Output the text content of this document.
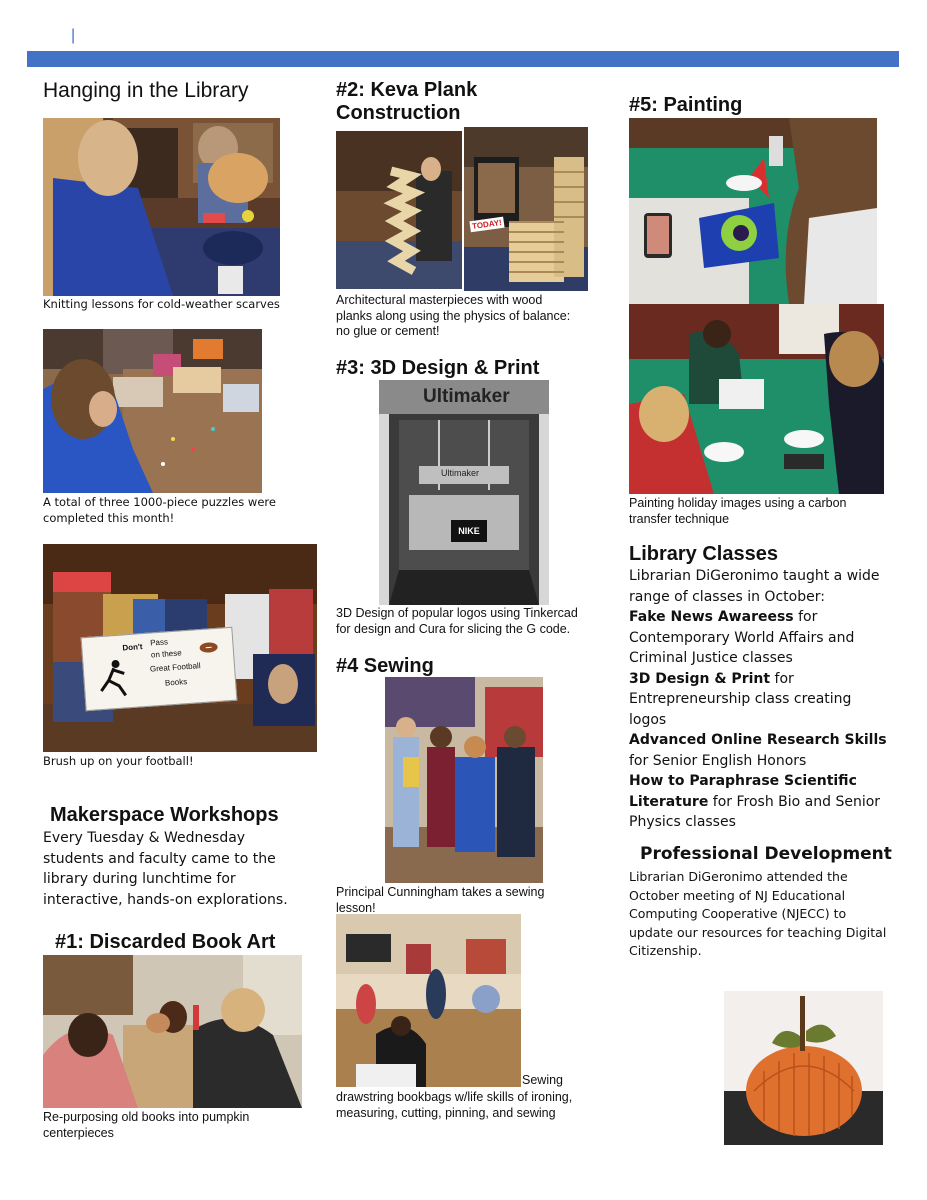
|
Hanging in the Library
Knitting lessons for cold-weather scarves
A total of three 1000-piece puzzles were completed this month!
Don't Pass
on these
Great Football
Books
Brush up on your football!
Makerspace Workshops
Every Tuesday & Wednesday students and faculty came to the library during lunchtime for interactive, hands-on explorations.
#1: Discarded Book Art
Re-purposing old books into pumpkin centerpieces
#2: Keva Plank Construction
TODAY!
Architectural masterpieces with wood planks along using the physics of balance: no glue or cement!
#3: 3D Design & Print
Ultimaker
Ultimaker
NIKE
3D Design of popular logos using Tinkercad for design and Cura for slicing the G code.
#4 Sewing
Principal Cunningham takes a sewing lesson!
Sewing
drawstring bookbags w/life skills of ironing, measuring, cutting, pinning, and sewing
#5: Painting
Painting holiday images using a carbon transfer technique
Library Classes
Librarian DiGeronimo taught a wide range of classes in October:
Fake News Awareess for Contemporary World Affairs and Criminal Justice classes
3D Design & Print for Entrepreneurship class creating logos
Advanced Online Research Skills for Senior English Honors
How to Paraphrase Scientific Literature for Frosh Bio and Senior Physics classes
Professional Development
Librarian DiGeronimo attended the October meeting of NJ Educational Computing Cooperative (NJECC) to update our resources for teaching Digital Citizenship.
